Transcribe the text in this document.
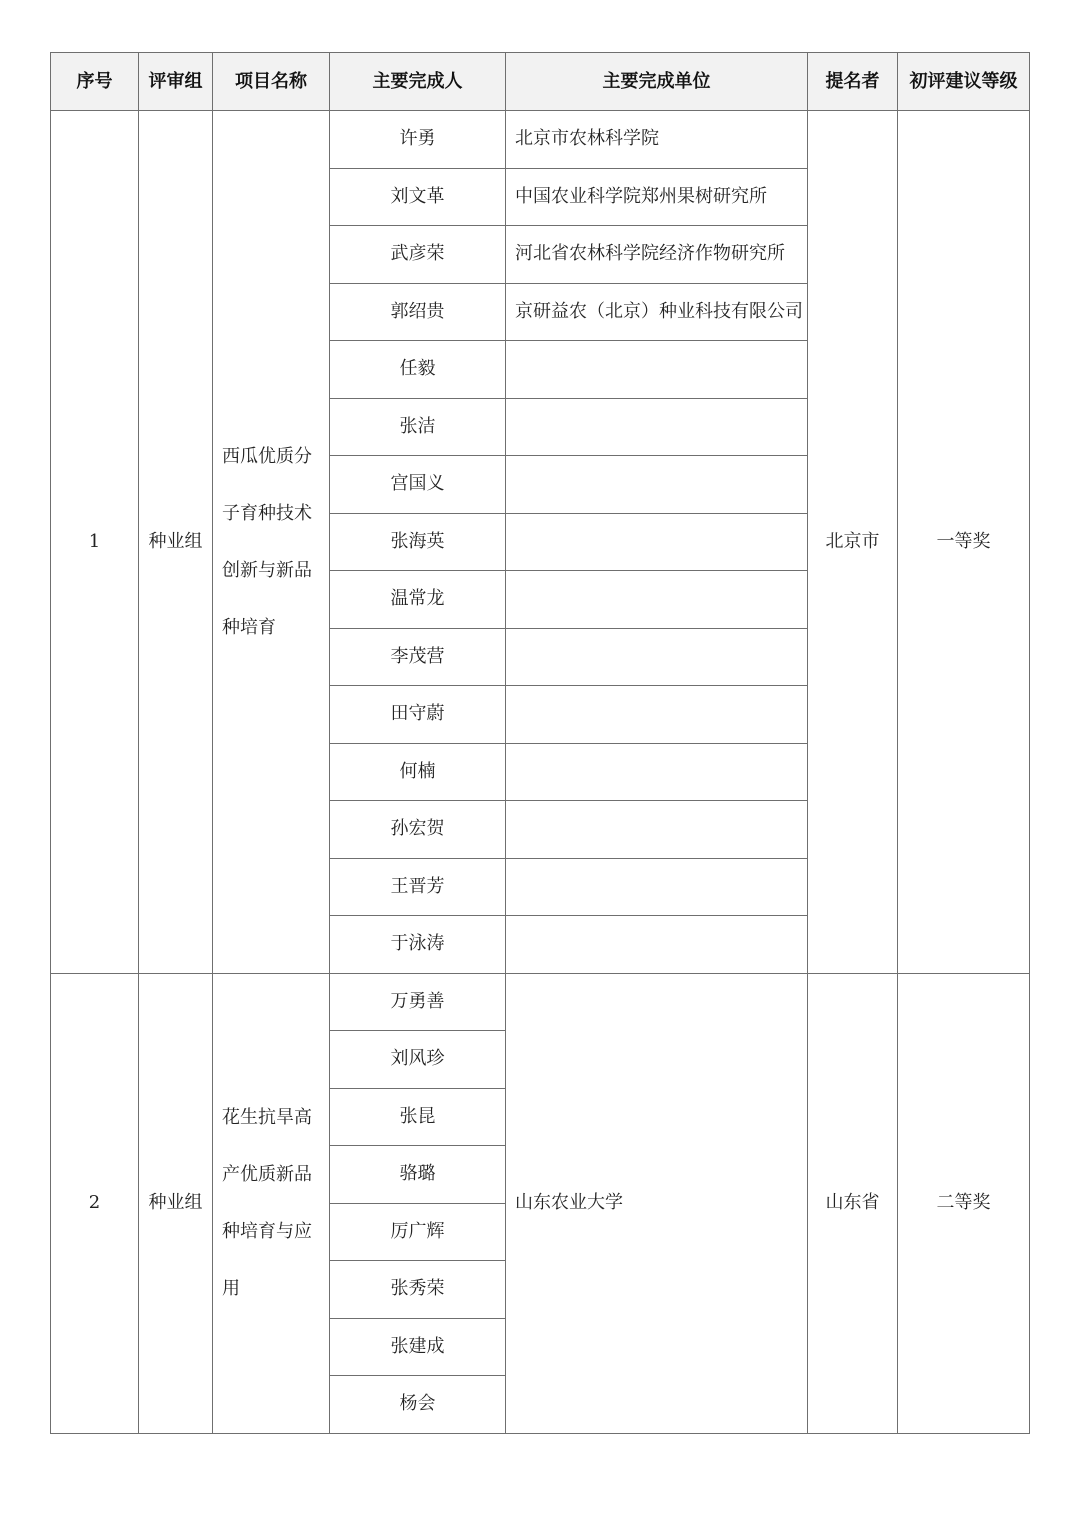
序号	评审组	项目名称	主要完成人	主要完成单位	提名者	初评建议等级
1	种业组	西瓜优质分子育种技术创新与新品种培育	许勇	北京市农林科学院	北京市	一等奖
			刘文革	中国农业科学院郑州果树研究所		
			武彦荣	河北省农林科学院经济作物研究所		
			郭绍贵	京研益农（北京）种业科技有限公司		
			任毅			
			张洁			
			宫国义			
			张海英			
			温常龙			
			李茂营			
			田守蔚			
			何楠			
			孙宏贺			
			王晋芳			
			于泳涛			
2	种业组	花生抗旱高产优质新品种培育与应用	万勇善	山东农业大学	山东省	二等奖
			刘风珍			
			张昆			
			骆璐			
			厉广辉			
			张秀荣			
			张建成			
			杨会			
